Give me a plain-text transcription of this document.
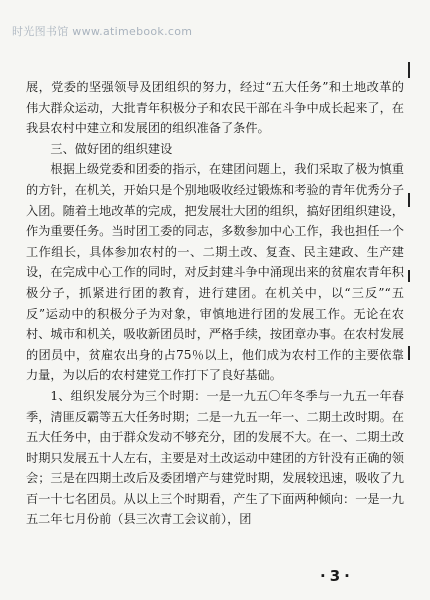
时光图书馆 www.atimebook.com

展，党委的坚强领导及团组织的努力，经过“五大任务”和土地改革的伟大群众运动，大批青年积极分子和农民干部在斗争中成长起来了，在我县农村中建立和发展团的组织准备了条件。

三、做好团的组织建设

根据上级党委和团委的指示，在建团问题上，我们采取了极为慎重的方针，在机关，开始只是个别地吸收经过锻炼和考验的青年优秀分子入团。随着土地改革的完成，把发展壮大团的组织，搞好团组织建设，作为重要任务。当时团工委的同志，多数参加中心工作，我也担任一个工作组长，具体参加农村的一、二期土改、复查、民主建政、生产建设，在完成中心工作的同时，对反封建斗争中涌现出来的贫雇农青年积极分子，抓紧进行团的教育，进行建团。在机关中，以“三反”“五反”运动中的积极分子为对象，审慎地进行团的发展工作。无论在农村、城市和机关，吸收新团员时，严格手续，按团章办事。在农村发展的团员中，贫雇农出身的占75％以上，他们成为农村工作的主要依靠力量，为以后的农村建党工作打下了良好基础。

1、组织发展分为三个时期：一是一九五〇年冬季与一九五一年春季，清匪反霸等五大任务时期；二是一九五一年一、二期土改时期。在五大任务中，由于群众发动不够充分，团的发展不大。在一、二期土改时期只发展五十人左右，主要是对土改运动中建团的方针没有正确的领会；三是在四期土改后及委团增产与建党时期，发展较迅速，吸收了九百一十七名团员。从以上三个时期看，产生了下面两种倾向：一是一九五二年七月份前（县三次青工会议前），团

·3·
